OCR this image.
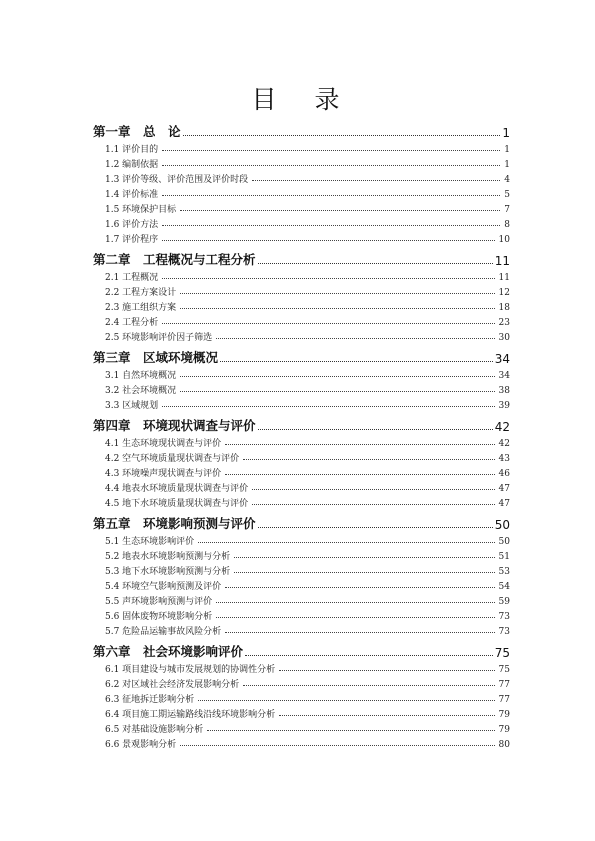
目 录
第一章　总　论	1
1.1 评价目的	1
1.2 编制依据	1
1.3 评价等级、评价范围及评价时段	4
1.4 评价标准	5
1.5 环境保护目标	7
1.6 评价方法	8
1.7 评价程序	10
第二章　工程概况与工程分析	11
2.1 工程概况	11
2.2 工程方案设计	12
2.3 施工组织方案	18
2.4 工程分析	23
2.5 环境影响评价因子筛选	30
第三章　区域环境概况	34
3.1 自然环境概况	34
3.2 社会环境概况	38
3.3 区域规划	39
第四章　环境现状调查与评价	42
4.1 生态环境现状调查与评价	42
4.2 空气环境质量现状调查与评价	43
4.3 环境噪声现状调查与评价	46
4.4 地表水环境质量现状调查与评价	47
4.5 地下水环境质量现状调查与评价	47
第五章　环境影响预测与评价	50
5.1 生态环境影响评价	50
5.2 地表水环境影响预测与分析	51
5.3 地下水环境影响预测与分析	53
5.4 环境空气影响预测及评价	54
5.5 声环境影响预测与评价	59
5.6 固体废物环境影响分析	73
5.7 危险品运输事故风险分析	73
第六章　社会环境影响评价	75
6.1 项目建设与城市发展规划的协调性分析	75
6.2 对区域社会经济发展影响分析	77
6.3 征地拆迁影响分析	77
6.4 项目施工期运输路线沿线环境影响分析	79
6.5 对基础设施影响分析	79
6.6 景观影响分析	80
